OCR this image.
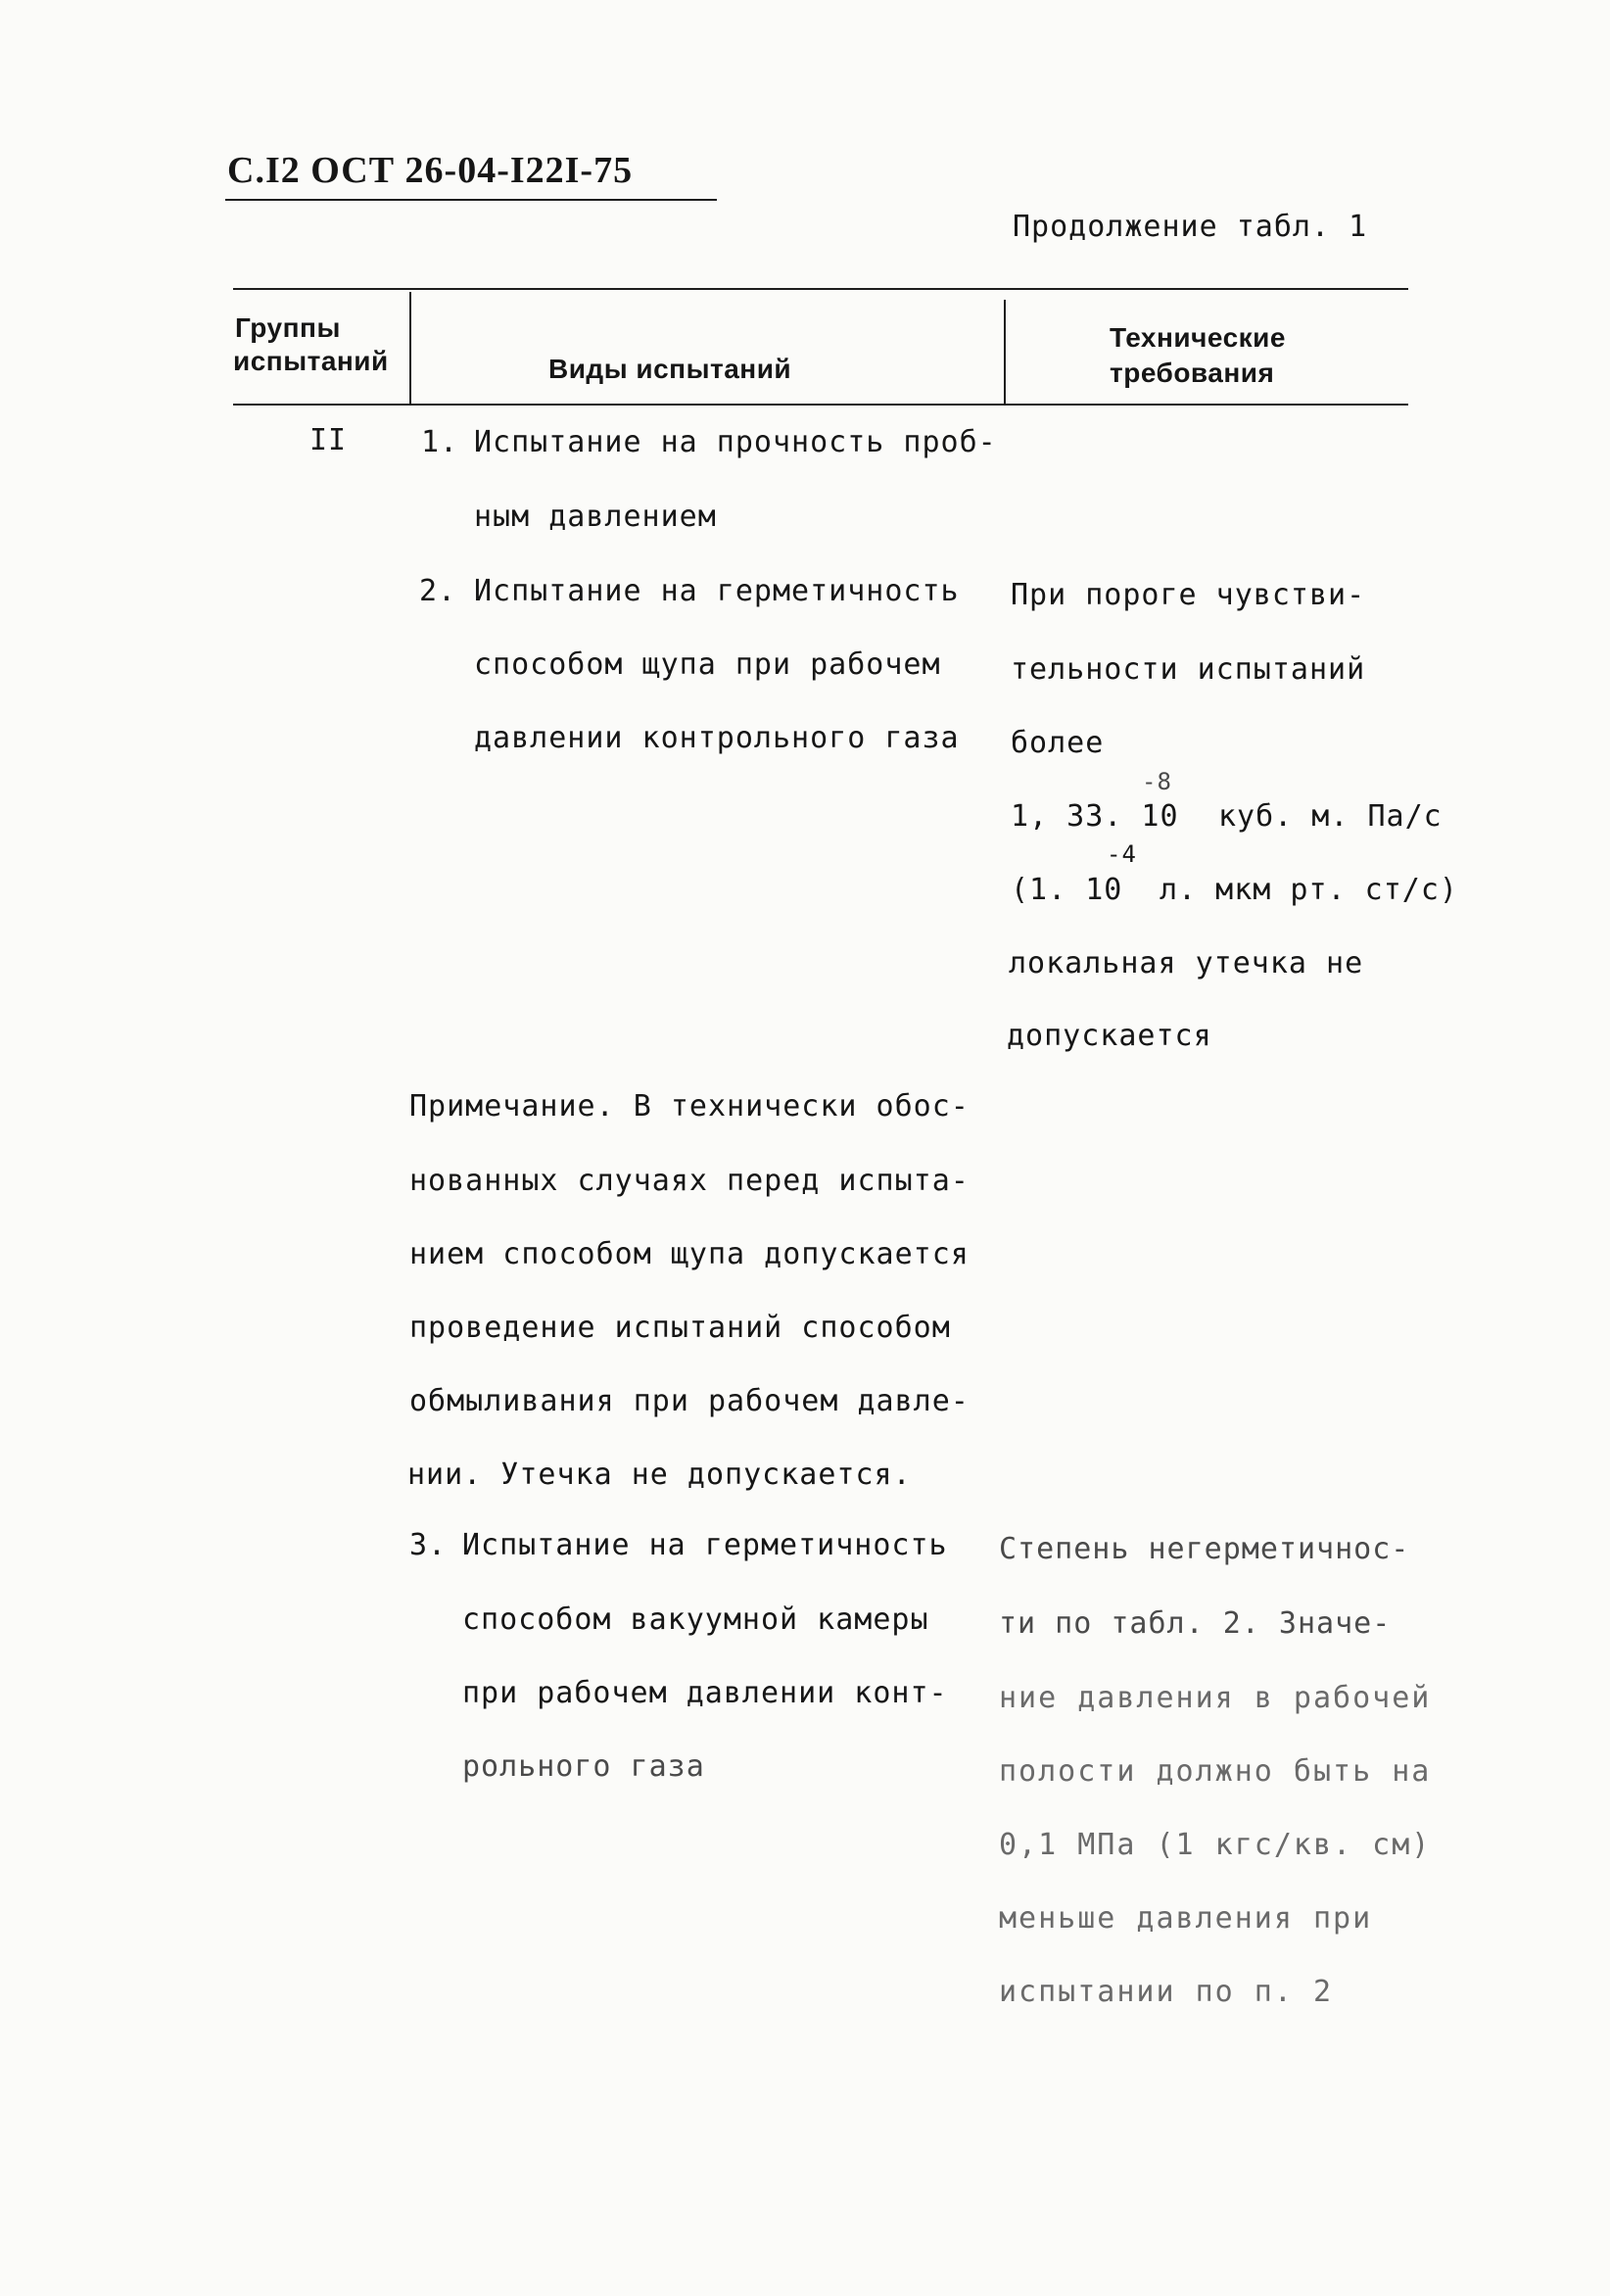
С.I2 ОСТ 26-04-I22I-75
Продолжение табл. 1
Группы
испытаний	Виды испытаний
Технические
требования
II	1. Испытание на прочность проб-
ным давлением
2. Испытание на герметичность
способом щупа при рабочем
давлении контрольного газа
При пороге чувстви-
тельности испытаний
более
-8
1, 33. 10 куб. м. Па/с
-4
(1. 10 л. мкм рт. ст/с)
локальная утечка не
допускается
Примечание. В технически обос-
нованных случаях перед испыта-
нием способом щупа допускается
проведение испытаний способом
обмыливания при рабочем давле-
нии. Утечка не допускается.
3. Испытание на герметичность
способом вакуумной камеры
при рабочем давлении конт-
рольного газа
Степень негерметичнос-
ти по табл. 2. Значе-
ние давления в рабочей
полости должно быть на
0,1 МПа (1 кгс/кв. см)
меньше давления при
испытании по п. 2
